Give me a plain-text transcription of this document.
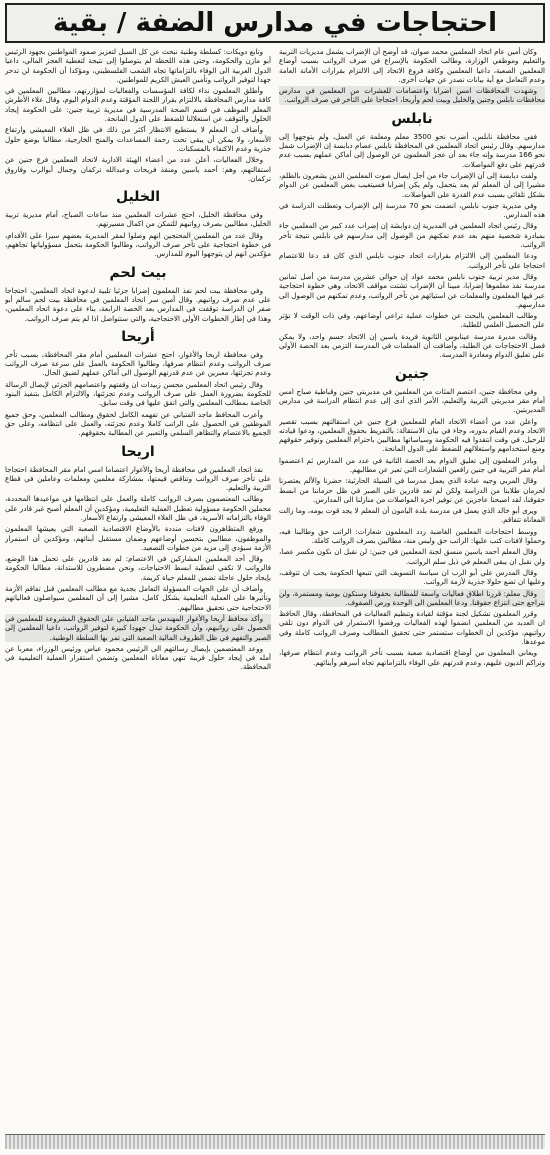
احتجاجات في مدارس الضفة / بقية

وكان أمين عام اتحاد المعلمين محمد صوان، قد أوضح أن الإضراب يشمل مديريات التربية والتعليم وموظفي الوزارة، وطالب الحكومة بالإسراع في صرف الرواتب بسبب أوضاع المعلمين الصعبة، داعيا المعلمين وكافة فروع الاتحاد إلى الالتزام بقرارات الأمانة العامة وعدم التعامل مع أية بيانات تصدر عن جهات أخرى.

وشهدت المحافظات امس اضرابا واعتصامات للعشرات من المعلمين في مدارس محافظات نابلس وجنين والخليل وبيت لحم وأريحا، احتجاجا على التأخر في صرف الرواتب.

نابلس

ففي محافظة نابلس، أضرب نحو 3500 معلم ومعلمة عن العمل، ولم يتوجهوا إلى مدارسهم. وقال رئيس اتحاد المعلمين في المحافظة نابلس عصام دبابسة إن الإضراب شمل نحو 166 مدرسة وإنه جاء بعد أن عجز المعلمون عن الوصول إلى أماكن عملهم بسبب عدم قدرتهم على دفع المواصلات.

ولفت دبابسة إلى أن الإضراب جاء من أجل ايصال صوت المعلمين الذين يشعرون بالظلم، مشيرا إلى أن المعلم لم يعد يتحمل، ولم يكن إضرابا فسيتغيب بعض المعلمين عن الدوام بشكل تلقائي بسبب عدم القدرة على المواصلات.

وفي مديرية جنوب نابلس، انضمت نحو 70 مدرسة إلى الإضراب وتعطلت الدراسة في هذه المدارس.

وقال رئيس اتحاد المعلمين في المديرية إن دوابشة إن إضراب عدد كبير من المعلمين جاء بمبادرة شخصية منهم بعد عدم تمكنهم من الوصول إلى مدارسهم في نابلس نتيجة تأخر الرواتب.

ودعا المعلمين إلى الالتزام بقرارات اتحاد جنوب نابلس الذي كان قد دعا للاعتصام احتجاجا على تأخر الرواتب.

وقال مدير تربية جنوب نابلس محمد عواد إن حوالي عشرين مدرسة من أصل ثمانين مدرسة نفذ معلموها إضرابا، مبينا أن الإضراب تشتت مواقف الاتحاد، وهي خطوة احتجاجية عبر فيها المعلمون والمعلمات عن استيائهم من تأخر الرواتب، وعدم تمكنهم من الوصول الى مدارسهم.

وطالب المعلمين بالبحث عن خطوات عملية تراعي أوضاعهم، وفي ذات الوقت لا تؤثر على التحصيل العلمي للطلبة.

وقالت مديرة مدرسة عينابوس الثانوية فريدة ياسين إن الاتحاد جسم واحد، ولا يمكن فصل الاحتجاجات عن الطلبة، وأضافت أن المعلمات في المدرسة التزمن بعد الحصة الأولى على تعليق الدوام ومغادرة المدرسة.

جنين

وفي محافظة جنين، اعتصم المئات من المعلمين في مديريتي جنين وقباطية صباح امس أمام مقر مديريتي التربية والتعليم، الأمر الذي أدى إلى عدم انتظام الدراسة في مدارس المديريتين.

واعلن عدد من أعضاء الاتحاد العام للمعلمين فرع جنين عن استقالتهم بسبب تقصير الاتحاد وعدم القيام بدوره، وجاء في بيان الاستقالة: بالتفريط بحقوق المعلمين، ودعوا قيادته للرحيل، في وقت انتقدوا فيه الحكومة وسياساتها مطالبين باحترام المعلمين وتوفير حقوقهم ومنع استخدامهم واستغلالهم للضغط على الدول المانحة.

وبادر المعلمون إلى تعليق الدوام بعد الحصة الثانية في عدد من المدارس ثم اعتصموا أمام مقر التربية في جنين رافعين الشعارات التي تعبر عن مطالبهم.

وقال المربي وجيه عبادة الذي يعمل مدرسا في السيلة الحارثية: حضرنا والألم يعتصرنا لحرمان طلابنا من الدراسة ولكن لم نعد قادرين على الصبر في ظل حرماننا من ابسط حقوقنا، لقد اصبحنا عاجزين عن توفير اجرة المواصلات من منازلنا الى المدارس.

ويرى أبو خالد الذي يعمل في مدرسة بلدة اليامون أن المعلم لا يجد قوت يومه، وما زالت المعاناة تتفاقم.

ووسط احتجاجات المعلمين الغاضبة ردد المعلمون شعارات: الراتب حق وطالبنا فيه، وحملوا لافتات كتب عليها: الراتب حق وليس منة، مطالبين بصرف الرواتب كاملة.

وقال المعلم أحمد ياسين منسق لجنة المعلمين في جنين: لن نقبل ان نكون مكسر عصا، ولن نقبل ان يبقى المعلم في ذيل سلم الرواتب.

وقال المدرس علي أبو الرب ان سياسة التسويف التي تتبعها الحكومة يجب ان تتوقف، وعليها ان تضع حلولا جذرية لأزمة الرواتب.

وقال معلم: قررنا اطلاق فعاليات واسعة للمطالبة بحقوقنا وستكون يومية ومستمرة، ولن نتراجع حتى انتزاع حقوقنا. ودعا المعلمين الى الوحدة ورص الصفوف.

وقرر المعلمون تشكيل لجنة مؤقتة لقيادة وتنظيم الفعاليات في المحافظة، وقال الحافظ ان العديد من المعلمين انضموا لهذه الفعاليات ورفضوا الاستمرار في الدوام دون تلقي رواتبهم، مؤكدين أن الخطوات ستستمر حتى تحقيق المطالب وصرف الرواتب كاملة وفي موعدها.

ويعاني المعلمون من أوضاع اقتصادية صعبة بسبب تأخر الرواتب وعدم انتظام صرفها، وتراكم الديون عليهم، وعدم قدرتهم على الوفاء بالتزاماتهم تجاه أسرهم وأبنائهم.

وتابع دويكات: كسلطة وطنية نبحث عن كل السبل لتعزيز صمود المواطنين بجهود الرئيس أبو مازن والحكومة، وحتى هذه اللحظة لم يتوصلوا إلى نتيجة لتغطية العجز المالي، داعيا الدول العربية الى الوفاء بالتزاماتها تجاه الشعب الفلسطيني، ومؤكدا أن الحكومة لن تدخر جهدا لتوفير الرواتب وتأمين العيش الكريم للمواطنين.

وأطلق المعلمون نداء لكافة المؤسسات والفعاليات لمؤازرتهم، مطالبين المعلمين في كافة مدارس المحافظة بالالتزام بقرار اللجنة المؤقتة وعدم الدوام اليوم، وقال علاء الأطرش المعلم الموظف في قسم الصحة المدرسية في مديرية تربية جنين: على الحكومة إيجاد الحلول والتوقف عن استغلالنا للضغط على الدول المانحة.

وأضاف أن المعلم لا يستطيع الانتظار أكثر من ذلك في ظل الغلاء المعيشي وارتفاع الأسعار، ولا يمكن أن يبقى تحت رحمة المساعدات والمنح الخارجية، مطالبا بوضع حلول جذرية وعدم الاكتفاء بالمسكنات.

وخلال الفعاليات، أعلن عدد من أعضاء الهيئة الادارية لاتحاد المعلمين فرع جنين عن استقالتهم، وهم: أحمد ياسين ومنقذ فريحات وعبدالله تركمان وجمال أبوالرب وفاروق تركمان.

الخليل

وفي محافظة الخليل، احتج عشرات المعلمين منذ ساعات الصباح، أمام مديرية تربية الخليل، مطالبين بصرف رواتبهم للتمكن من اكمال مسيرتهم.

وقال عدد من المعلمين المحتجين انهم وصلوا لمقر المديرية بعضهم سيرا على الأقدام، في خطوة احتجاجية على تأخر صرف الرواتب، وطالبوا الحكومة بتحمل مسؤولياتها تجاههم، مؤكدين انهم لن يتوجهوا اليوم للمدارس.

بيت لحم

وفي محافظة بيت لحم نفذ المعلمون إضرابا جزئيا تلبية لدعوة اتحاد المعلمين، احتجاجا على عدم صرف رواتبهم. وقال أمين سر اتحاد المعلمين في محافظة بيت لحم سالم أبو صفر ان الدراسة توقفت في المدارس بعد الحصة الرابعة، بناء على دعوة اتحاد المعلمين، وهذا في إطار الخطوات الأولى الاحتجاجية، والتي ستتواصل اذا لم يتم صرف الرواتب.

أريحا

وفي محافظة اريحا والأغوار، احتج عشرات المعلمين أمام مقر المحافظة، بسبب تأخر صرف الرواتب وعدم انتظام صرفها، وطالبوا الحكومة بالعمل على سرعة صرف الرواتب وعدم تجزئتها، معبرين عن عدم قدرتهم الوصول الى أماكن عملهم لضيق الحال.

وقال رئيس اتحاد المعلمين محسن زبيدات ان وقفتهم واعتصامهم الجزئي لإيصال الرسالة للحكومة بضرورة العمل على صرف الرواتب وعدم تجزئتها، والالتزام الكامل بتنفيذ البنود الخاصة بمطالب المعلمين والتي اتفق عليها في وقت سابق.

وأعرب المحافظ ماجد الفتياني عن تفهمه الكامل لحقوق ومطالب المعلمين، وحق جميع الموظفين في الحصول على الراتب كاملا وعدم تجزئته، والعمل على انتظامه، وعلى حق الجميع بالاعتصام والتظاهر السلمي والتعبير عن المطالبة بحقوقهم.

اريحا

نفذ اتحاد المعلمين في محافظة أريحا والأغوار اعتصاما امس امام مقر المحافظة احتجاجا على تأخر صرف الرواتب وتناقص قيمتها، بمشاركة معلمين ومعلمات وعاملين في قطاع التربية والتعليم.

وطالب المعتصمون بصرف الرواتب كاملة والعمل على انتظامها في مواعيدها المحددة، محملين الحكومة مسؤولية تعطيل العملية التعليمية، ومؤكدين أن المعلم أصبح غير قادر على الوفاء بالتزاماته الأسرية، في ظل الغلاء المعيشي وارتفاع الأسعار.

ورفع المتظاهرون لافتات منددة بالأوضاع الاقتصادية الصعبة التي يعيشها المعلمون والموظفون، مطالبين بتحسين أوضاعهم وضمان مستقبل أبنائهم، ومؤكدين أن استمرار الأزمة سيؤدي إلى مزيد من خطوات التصعيد.

وقال أحد المعلمين المشاركين في الاعتصام: لم نعد قادرين على تحمل هذا الوضع، فالرواتب لا تكفي لتغطية ابسط الاحتياجات، ونحن مضطرون للاستدانة، مطالبا الحكومة بإيجاد حلول عاجلة تضمن للمعلم حياة كريمة.

وأضاف أن على الجهات المسؤولة التعامل بجدية مع مطالب المعلمين قبل تفاقم الأزمة وتأثيرها على العملية التعليمية بشكل كامل، مشيرا إلى أن المعلمين سيواصلون فعالياتهم الاحتجاجية حتى تحقيق مطالبهم.

وأكد محافظ أريحا والأغوار المهندس ماجد الفتياني على الحقوق المشروعة للمعلمين في الحصول على رواتبهم، وأن الحكومة تبذل جهودا كبيرة لتوفير الرواتب، داعيا المعلمين إلى الصبر والتفهم في ظل الظروف المالية الصعبة التي تمر بها السلطة الوطنية.

ووعد المعتصمين بإيصال رسالتهم الى الرئيس محمود عباس ورئيس الوزراء، معربا عن أمله في إيجاد حلول قريبة تنهي معاناة المعلمين وتضمن استقرار العملية التعليمية في المحافظة.
